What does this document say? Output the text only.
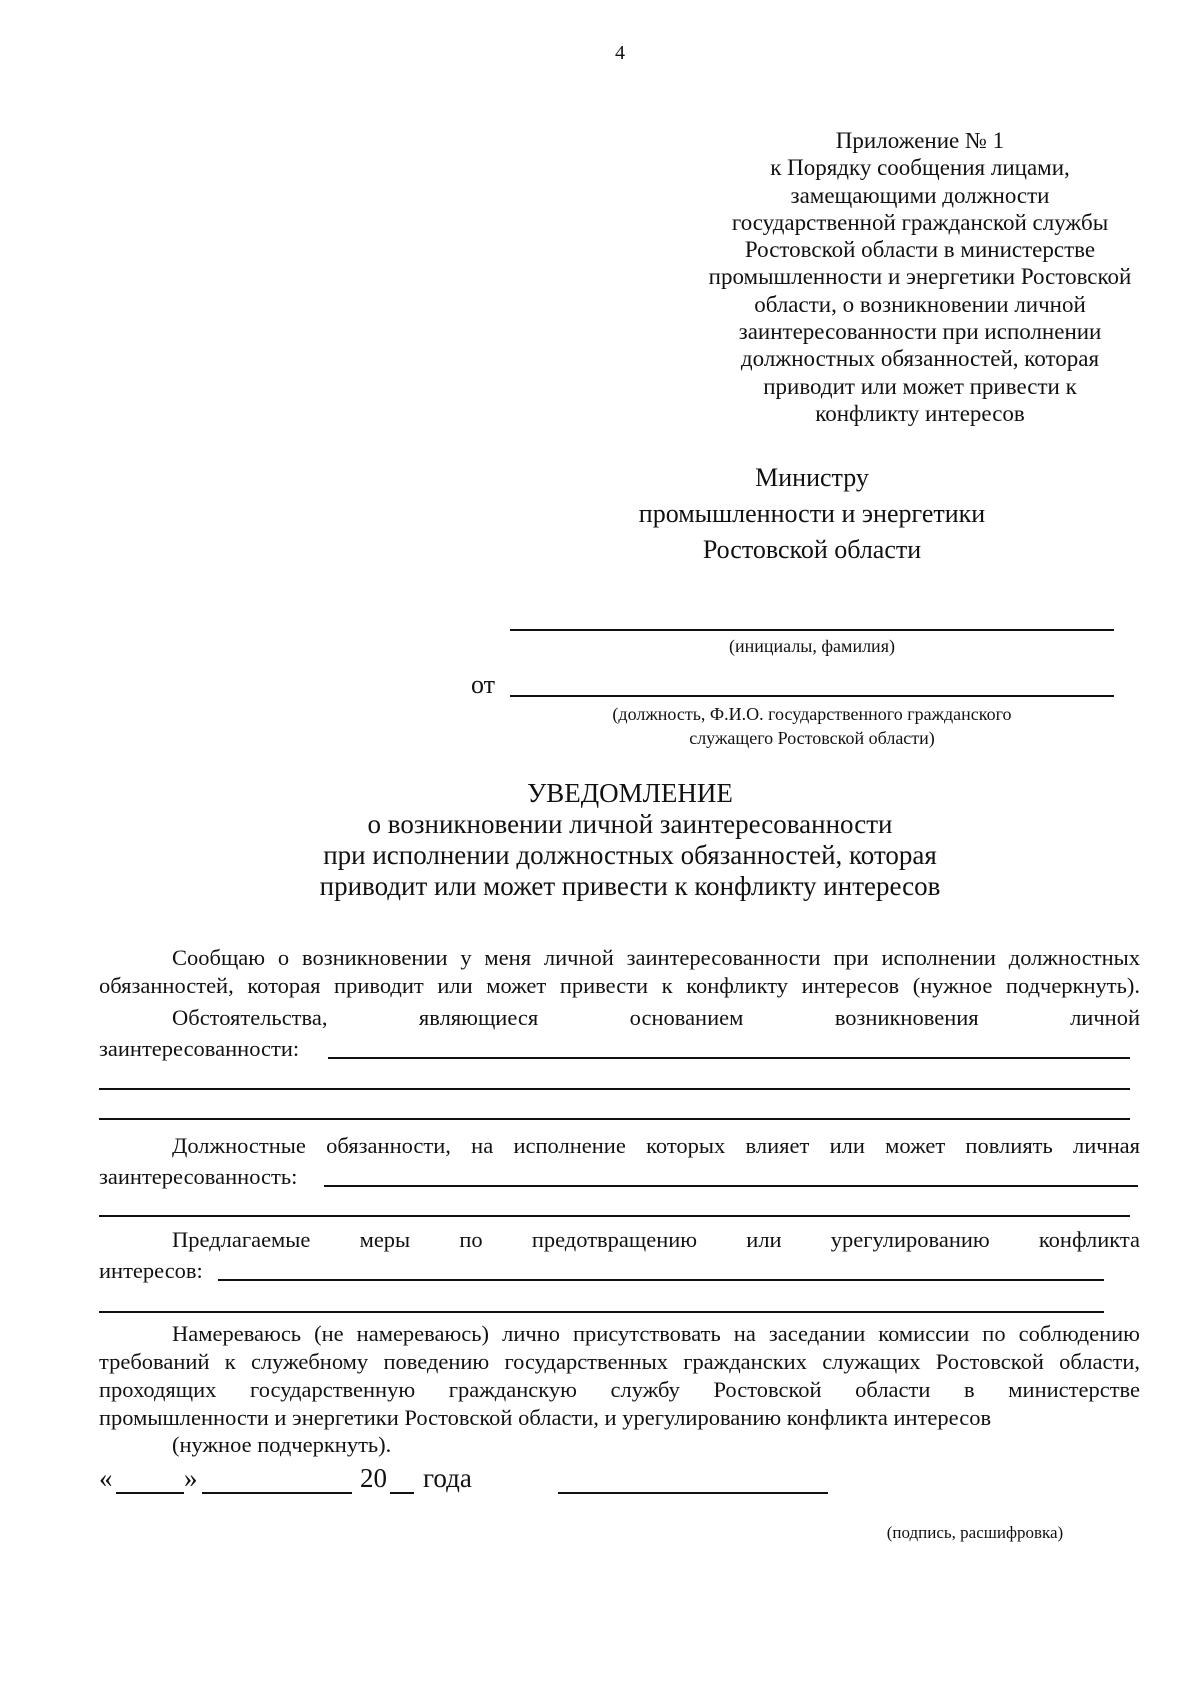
4
Приложение № 1
к Порядку сообщения лицами,
замещающими должности
государственной гражданской службы
Ростовской области в министерстве
промышленности и энергетики Ростовской
области, о возникновении личной
заинтересованности при исполнении
должностных обязанностей, которая
приводит или может привести к
конфликту интересов
Министру
промышленности и энергетики
Ростовской области
(инициалы, фамилия)
от
(должность, Ф.И.О. государственного гражданского
служащего Ростовской области)
УВЕДОМЛЕНИЕ
о возникновении личной заинтересованности
при исполнении должностных обязанностей, которая
приводит или может привести к конфликту интересов
Сообщаю о возникновении у меня личной заинтересованности при исполнении должностных
обязанностей, которая приводит или может привести к конфликту интересов (нужное подчеркнуть).
Обстоятельства, являющиеся основанием возникновения личной
заинтересованности:
Должностные обязанности, на исполнение которых влияет или может повлиять личная
заинтересованность:
Предлагаемые меры по предотвращению или урегулированию конфликта
интересов:
Намереваюсь (не намереваюсь) лично присутствовать на заседании комиссии по соблюдению
требований к служебному поведению государственных гражданских служащих Ростовской области,
проходящих государственную гражданскую службу Ростовской области в министерстве
промышленности и энергетики Ростовской области, и урегулированию конфликта интересов
(нужное подчеркнуть).
«	»	20 года
(подпись, расшифровка)
